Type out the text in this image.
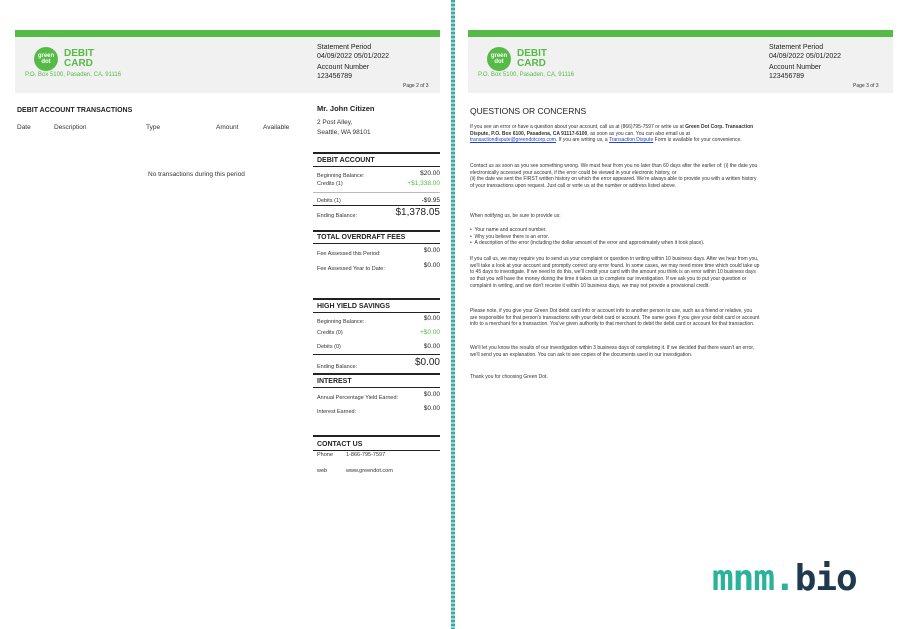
green
dot
DEBIT
CARD
P.O. Box 5100, Pasaden, CA, 91116
Statement Period
04/09/2022 05/01/2022
Account Number
123456789
Page 2 of 3
DEBIT ACCOUNT TRANSACTIONS
Date	Description	Type	Amount	Available
No transactions during this period
Mr. John Citizen
2 Post Alley,
Seattle, WA 98101
DEBIT ACCOUNT
Beginning Balance:	$20.00
Credits (1)	+$1,338.00
Debits (1)	-$9.95
Ending Balance:	$1,378.05
TOTAL OVERDRAFT FEES
Fee Assessed this Period:	$0.00
Fee Assessed Year to Date:	$0.00
HIGH YIELD SAVINGS
Beginning Balance:	$0.00
Credits (0)	+$0.00
Debits (0)	$0.00
Ending Balance:	$0.00
INTEREST
Annual Percentage Yield Earned:	$0.00
Interest Earned:	$0.00
CONTACT US
Phone 1-866-795-7597
web	www.greendot.com
green
dot
DEBIT
CARD
P.O. Box 5100, Pasaden, CA, 91116
Statement Period
04/09/2022 05/01/2022
Account Number
123456789
Page 3 of 3
QUESTIONS OR CONCERNS
If you see an error or have a question about your account, call us at (866)795-7597 or write us at Green Dot Corp. Transaction Dispute, P.O. Box 6100, Pasadena, CA 91117-6100, as soon as you can. You can also email us at transactiondispute@greendotcorp.com. If you are writing us, a Transaction Dispute Form is available for your convenience.
Contact us as soon as you see something wrong. We must hear from you no later than 60 days after the earlier of: (i) the date you electronically accessed your account, if the error could be viewed in your electronic history, or
(ii) the date we sent the FIRST written history on which the error appeared. We're always able to provide you with a written history of your transactions upon request. Just call or write us at the number or address listed above.
When notifying us, be sure to provide us:
•  Your name and account number.
•  Why you believe there is an error.
•  A description of the error (including the dollar amount of the error and approximately when it took place).
If you call us, we may require you to send us your complaint or question in writing within 10 business days. After we hear from you, we'll take a look at your account and promptly correct any error found. In some cases, we may need more time which could take up to 45 days to investigate. If we need to do this, we'll credit your card with the amount you think is an error within 10 business days so that you will have the money during the time it takes us to complete our investigation. If we ask you to put your question or complaint in writing, and we don't receive it within 10 business days, we may not provide a provisional credit.
Please note, if you give your Green Dot debit card info or account info to another person to use, such as a friend or relative, you are responsible for that person's transactions with your debit card or account. The same goes if you give your debit card or account info to a merchant for a transaction. You've given authority to that merchant to debit the debit card or account for that transaction.
We'll let you know the results of our investigation within 3 business days of completing it. If we decided that there wasn't an error, we'll send you an explanation. You can ask to see copies of the documents used in our investigation.
Thank you for choosing Green Dot.
mnm.bio
